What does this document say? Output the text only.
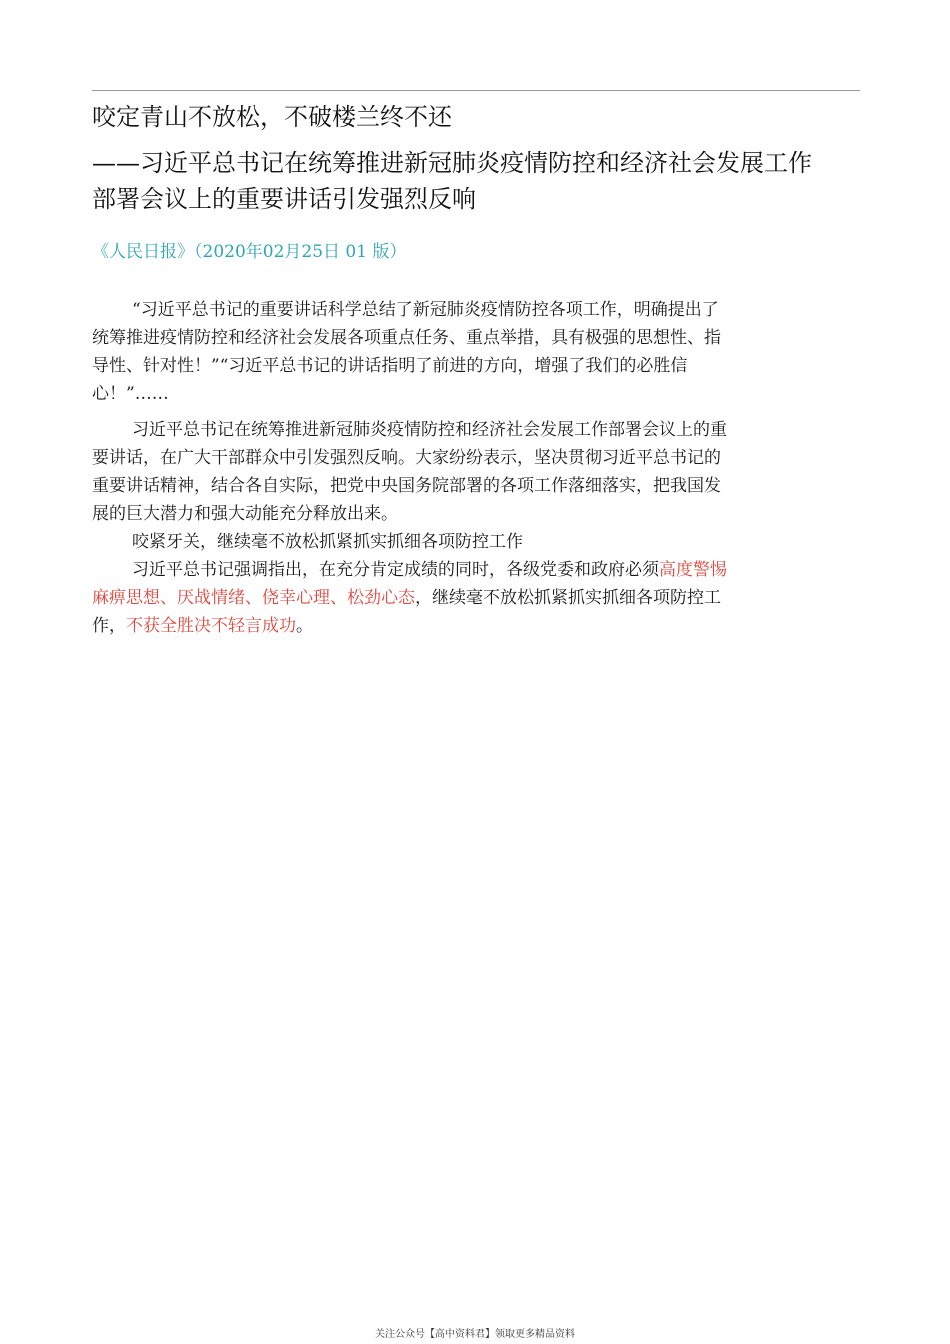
咬定青山不放松，不破楼兰终不还
——习近平总书记在统筹推进新冠肺炎疫情防控和经济社会发展工作
部署会议上的重要讲话引发强烈反响
《人民日报》（2020年02月25日 01 版）
“习近平总书记的重要讲话科学总结了新冠肺炎疫情防控各项工作，明确提出了
统筹推进疫情防控和经济社会发展各项重点任务、重点举措，具有极强的思想性、指
导性、针对性！”“习近平总书记的讲话指明了前进的方向，增强了我们的必胜信
心！”……
习近平总书记在统筹推进新冠肺炎疫情防控和经济社会发展工作部署会议上的重
要讲话，在广大干部群众中引发强烈反响。大家纷纷表示，坚决贯彻习近平总书记的
重要讲话精神，结合各自实际，把党中央国务院部署的各项工作落细落实，把我国发
展的巨大潜力和强大动能充分释放出来。
咬紧牙关，继续毫不放松抓紧抓实抓细各项防控工作
习近平总书记强调指出，在充分肯定成绩的同时，各级党委和政府必须高度警惕
麻痹思想、厌战情绪、侥幸心理、松劲心态，继续毫不放松抓紧抓实抓细各项防控工
作，不获全胜决不轻言成功。
关注公众号【高中资料君】领取更多精品资料
